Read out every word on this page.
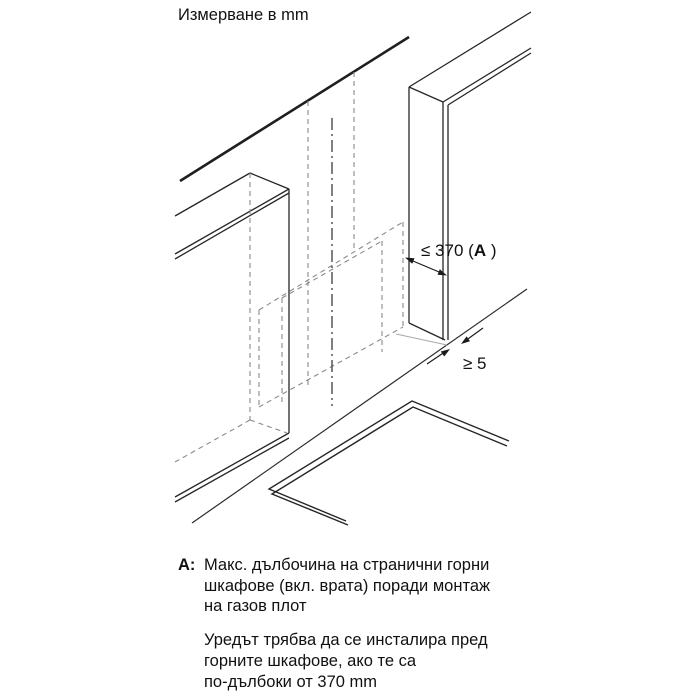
Измерване в mm
≤ 370 (A )
≥ 5
A: Макс. дълбочина на странични горни
шкафове (вкл. врата) поради монтаж
на газов плот
Уредът трябва да се инсталира пред
горните шкафове, ако те са
по-дълбоки от 370 mm
